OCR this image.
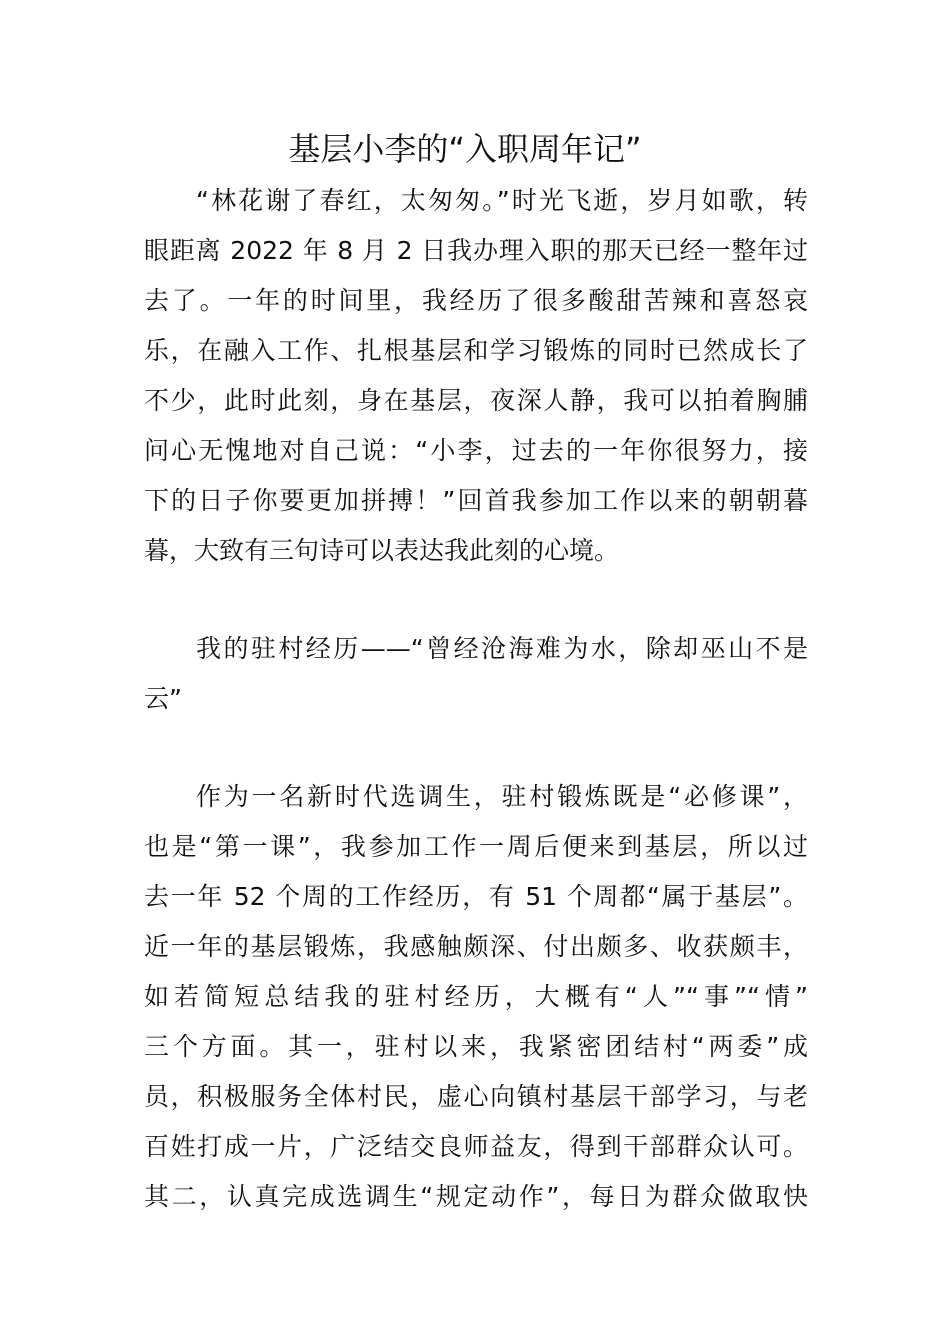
基层小李的“入职周年记”
“林花谢了春红，太匆匆。”时光飞逝，岁月如歌，转
眼距离 2022 年 8 月 2 日我办理入职的那天已经一整年过
去了。一年的时间里，我经历了很多酸甜苦辣和喜怒哀
乐，在融入工作、扎根基层和学习锻炼的同时已然成长了
不少，此时此刻，身在基层，夜深人静，我可以拍着胸脯
问心无愧地对自己说：“小李，过去的一年你很努力，接
下的日子你要更加拼搏！”回首我参加工作以来的朝朝暮
暮，大致有三句诗可以表达我此刻的心境。
我的驻村经历——“曾经沧海难为水，除却巫山不是
云”
作为一名新时代选调生，驻村锻炼既是“必修课”，
也是“第一课”，我参加工作一周后便来到基层，所以过
去一年 52 个周的工作经历，有 51 个周都“属于基层”。
近一年的基层锻炼，我感触颇深、付出颇多、收获颇丰，
如若简短总结我的驻村经历，大概有“人”“事”“情”
三个方面。其一，驻村以来，我紧密团结村“两委”成
员，积极服务全体村民，虚心向镇村基层干部学习，与老
百姓打成一片，广泛结交良师益友，得到干部群众认可。
其二，认真完成选调生“规定动作”，每日为群众做取快
